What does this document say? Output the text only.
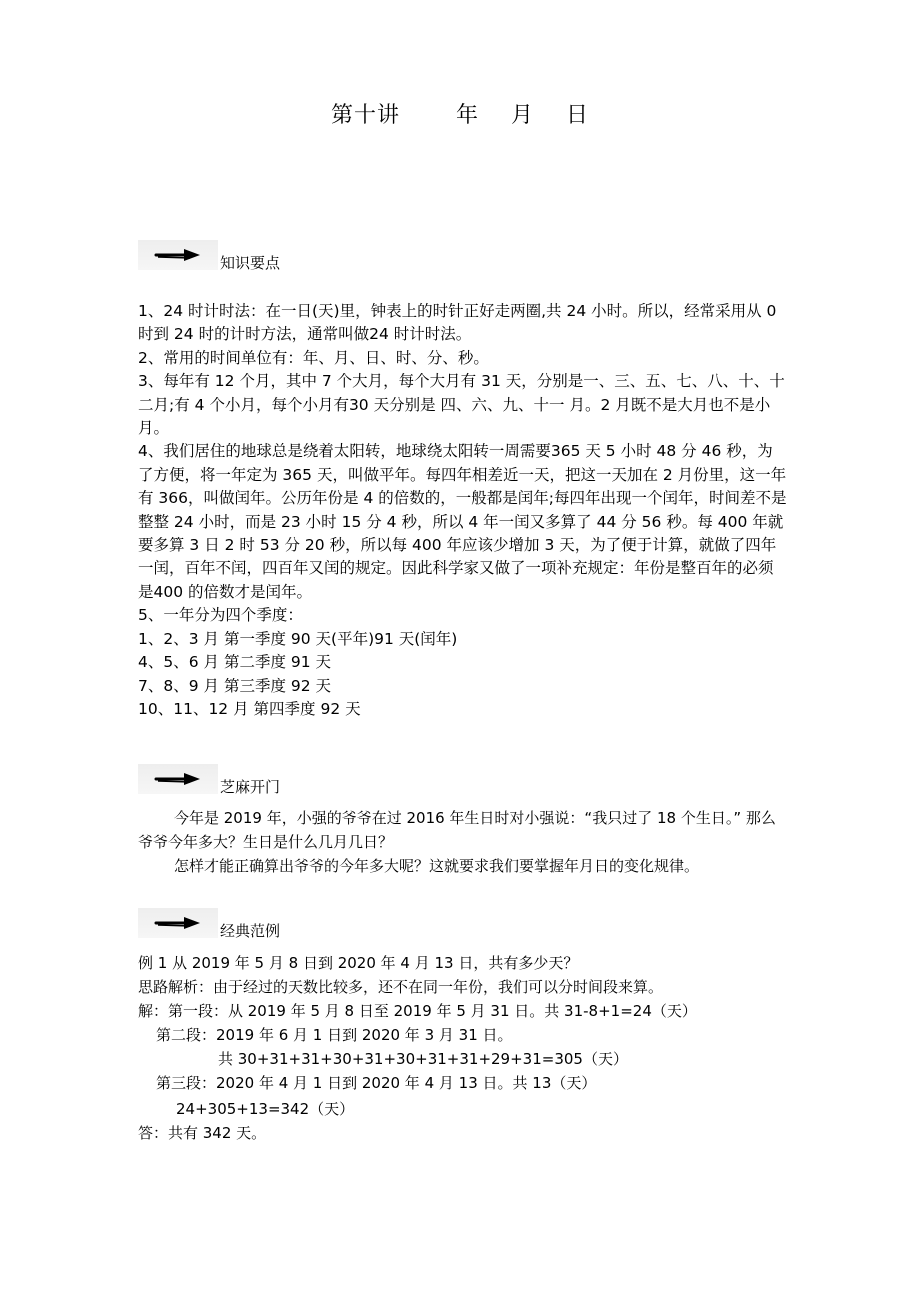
第十讲       年    月    日
知识要点

1、24 时计时法：在一日(天)里，钟表上的时针正好走两圈,共 24 小时。所以，经常采用从 0 时到 24 时的计时方法，通常叫做24 时计时法。

2、常用的时间单位有：年、月、日、时、分、秒。

3、每年有 12 个月，其中 7 个大月，每个大月有 31 天，分别是一、三、五、七、八、十、十二月;有 4 个小月，每个小月有30 天分别是 四、六、九、十一 月。2 月既不是大月也不是小月。

4、我们居住的地球总是绕着太阳转，地球绕太阳转一周需要365 天 5 小时 48 分 46 秒，为了方便，将一年定为 365 天，叫做平年。每四年相差近一天，把这一天加在 2 月份里，这一年有 366，叫做闰年。公历年份是 4 的倍数的，一般都是闰年;每四年出现一个闰年，时间差不是整整 24 小时，而是 23 小时 15 分 4 秒，所以 4 年一闰又多算了 44 分 56 秒。每 400 年就要多算 3 日 2 时 53 分 20 秒，所以每 400 年应该少增加 3 天，为了便于计算，就做了四年一闰，百年不闰，四百年又闰的规定。因此科学家又做了一项补充规定：年份是整百年的必须是400 的倍数才是闰年。

5、一年分为四个季度：

1、2、3 月 第一季度 90 天(平年)91 天(闰年)

4、5、6 月 第二季度 91 天

7、8、9 月 第三季度 92 天

10、11、12 月 第四季度 92 天

芝麻开门

今年是 2019 年，小强的爷爷在过 2016 年生日时对小强说：“我只过了 18 个生日。” 那么爷爷今年多大？生日是什么几月几日？

怎样才能正确算出爷爷的今年多大呢？这就要求我们要掌握年月日的变化规律。

经典范例
例 1 从 2019 年 5 月 8 日到 2020 年 4 月 13 日，共有多少天？
思路解析：由于经过的天数比较多，还不在同一年份，我们可以分时间段来算。
解：第一段：从 2019 年 5 月 8 日至 2019 年 5 月 31 日。共 31-8+1=24（天）
第二段：2019 年 6 月 1 日到 2020 年 3 月 31 日。
共 30+31+31+30+31+30+31+31+29+31=305（天）
第三段：2020 年 4 月 1 日到 2020 年 4 月 13 日。共 13（天）
24+305+13=342（天）
答：共有 342 天。
